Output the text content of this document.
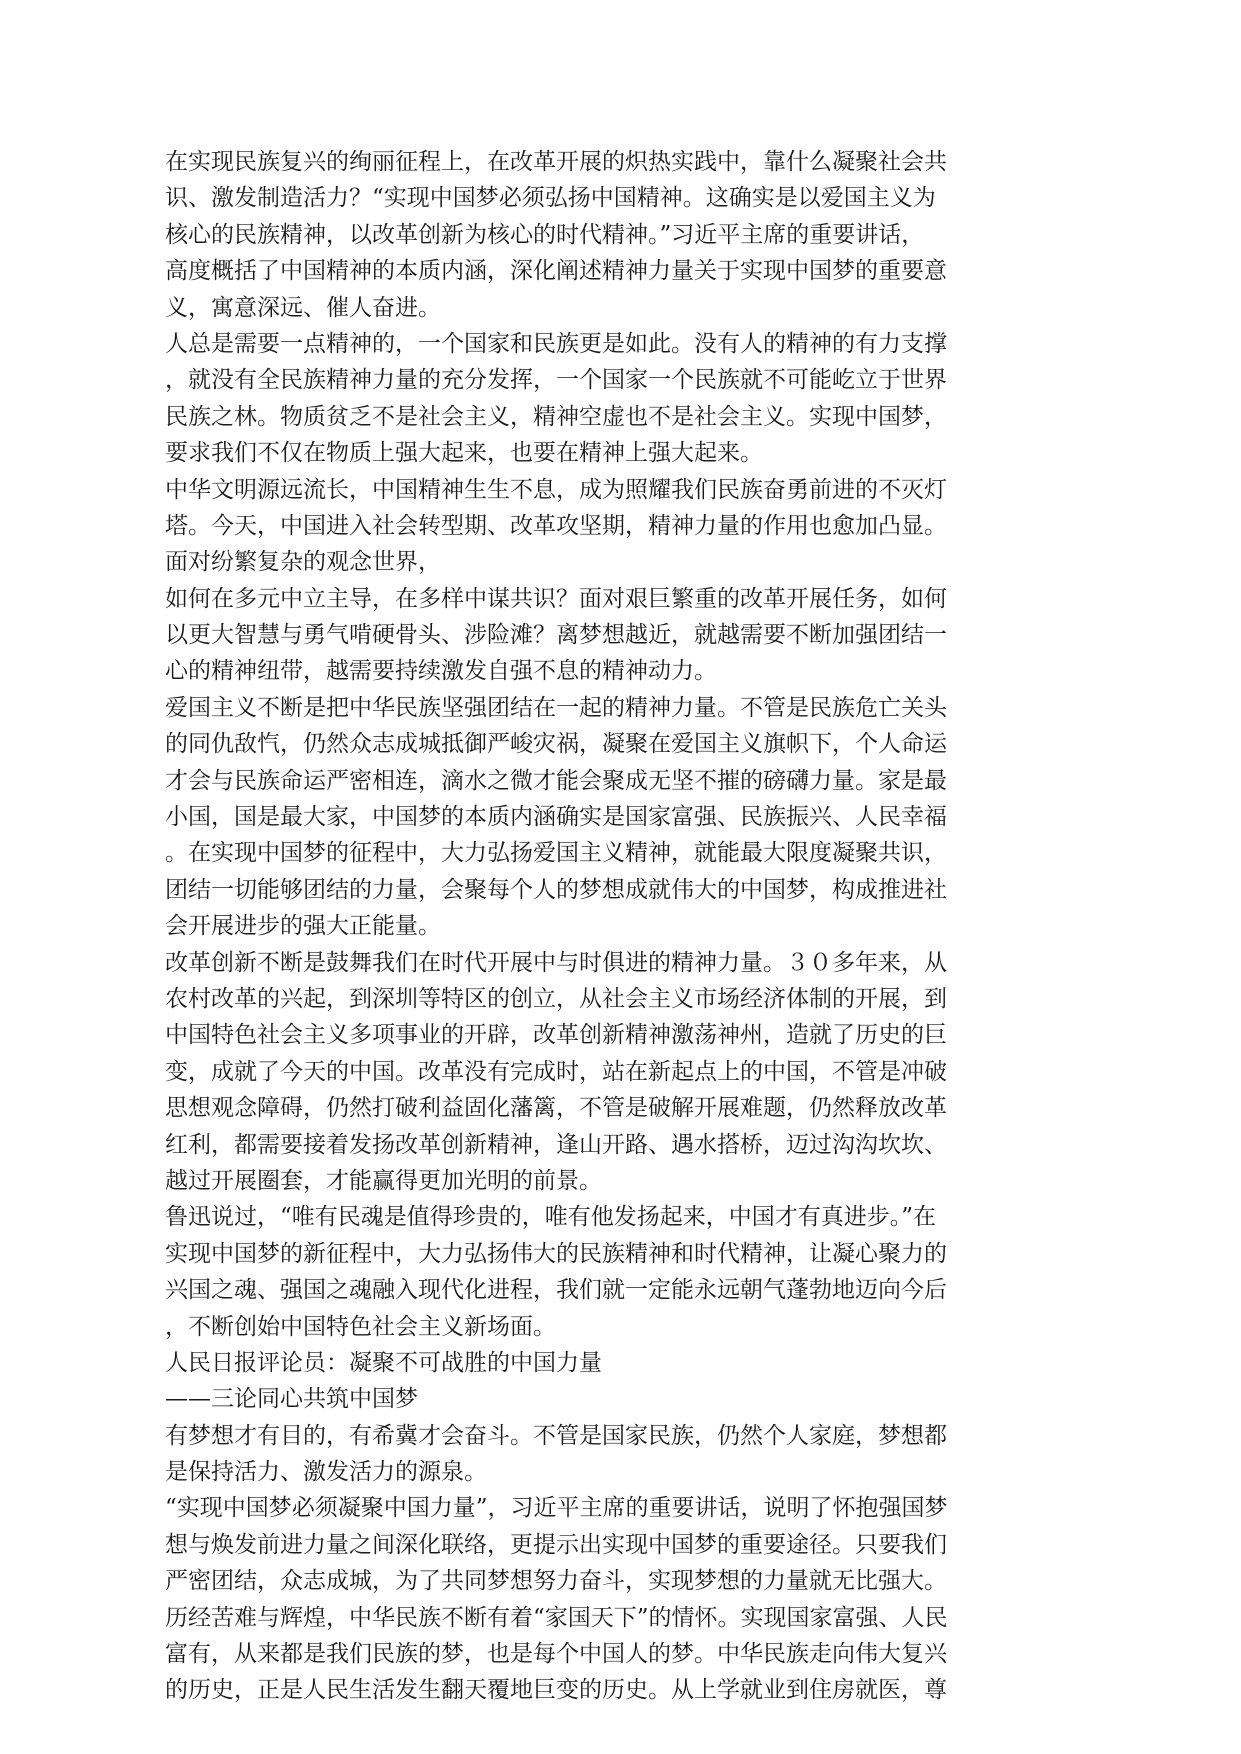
在实现民族复兴的绚丽征程上，在改革开展的炽热实践中，靠什么凝聚社会共
识、激发制造活力？“实现中国梦必须弘扬中国精神。这确实是以爱国主义为
核心的民族精神，以改革创新为核心的时代精神。”习近平主席的重要讲话，
高度概括了中国精神的本质内涵，深化阐述精神力量关于实现中国梦的重要意
义，寓意深远、催人奋进。
人总是需要一点精神的，一个国家和民族更是如此。没有人的精神的有力支撑
，就没有全民族精神力量的充分发挥，一个国家一个民族就不可能屹立于世界
民族之林。物质贫乏不是社会主义，精神空虚也不是社会主义。实现中国梦，
要求我们不仅在物质上强大起来，也要在精神上强大起来。
中华文明源远流长，中国精神生生不息，成为照耀我们民族奋勇前进的不灭灯
塔。今天，中国进入社会转型期、改革攻坚期，精神力量的作用也愈加凸显。
面对纷繁复杂的观念世界，
如何在多元中立主导，在多样中谋共识？面对艰巨繁重的改革开展任务，如何
以更大智慧与勇气啃硬骨头、涉险滩？离梦想越近，就越需要不断加强团结一
心的精神纽带，越需要持续激发自强不息的精神动力。
爱国主义不断是把中华民族坚强团结在一起的精神力量。不管是民族危亡关头
的同仇敌忾，仍然众志成城抵御严峻灾祸，凝聚在爱国主义旗帜下，个人命运
才会与民族命运严密相连，滴水之微才能会聚成无坚不摧的磅礴力量。家是最
小国，国是最大家，中国梦的本质内涵确实是国家富强、民族振兴、人民幸福
。在实现中国梦的征程中，大力弘扬爱国主义精神，就能最大限度凝聚共识，
团结一切能够团结的力量，会聚每个人的梦想成就伟大的中国梦，构成推进社
会开展进步的强大正能量。
改革创新不断是鼓舞我们在时代开展中与时俱进的精神力量。３０多年来，从
农村改革的兴起，到深圳等特区的创立，从社会主义市场经济体制的开展，到
中国特色社会主义多项事业的开辟，改革创新精神激荡神州，造就了历史的巨
变，成就了今天的中国。改革没有完成时，站在新起点上的中国，不管是冲破
思想观念障碍，仍然打破利益固化藩篱，不管是破解开展难题，仍然释放改革
红利，都需要接着发扬改革创新精神，逢山开路、遇水搭桥，迈过沟沟坎坎、
越过开展圈套，才能赢得更加光明的前景。
鲁迅说过，“唯有民魂是值得珍贵的，唯有他发扬起来，中国才有真进步。”在
实现中国梦的新征程中，大力弘扬伟大的民族精神和时代精神，让凝心聚力的
兴国之魂、强国之魂融入现代化进程，我们就一定能永远朝气蓬勃地迈向今后
，不断创始中国特色社会主义新场面。
人民日报评论员：凝聚不可战胜的中国力量
——三论同心共筑中国梦
有梦想才有目的，有希冀才会奋斗。不管是国家民族，仍然个人家庭，梦想都
是保持活力、激发活力的源泉。
“实现中国梦必须凝聚中国力量”，习近平主席的重要讲话，说明了怀抱强国梦
想与焕发前进力量之间深化联络，更提示出实现中国梦的重要途径。只要我们
严密团结，众志成城，为了共同梦想努力奋斗，实现梦想的力量就无比强大。
历经苦难与辉煌，中华民族不断有着“家国天下”的情怀。实现国家富强、人民
富有，从来都是我们民族的梦，也是每个中国人的梦。中华民族走向伟大复兴
的历史，正是人民生活发生翻天覆地巨变的历史。从上学就业到住房就医，尊
